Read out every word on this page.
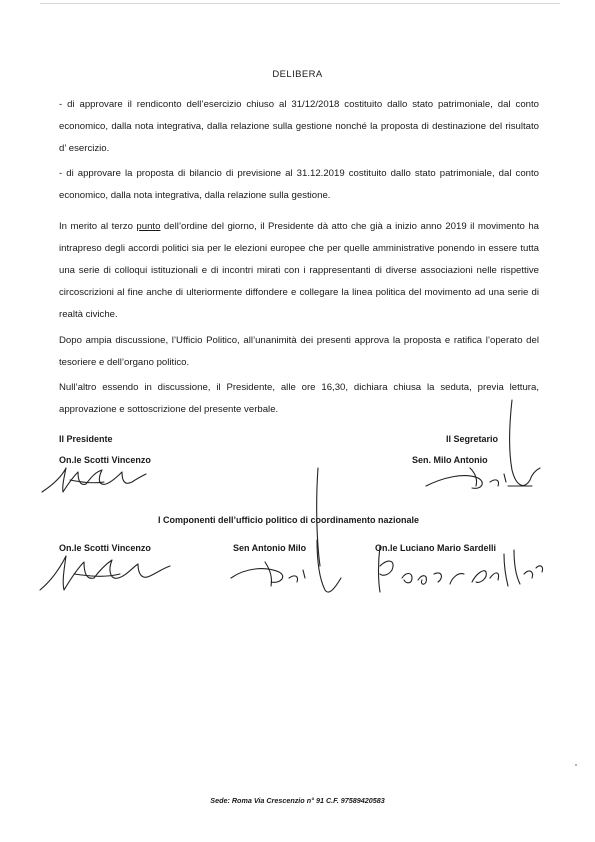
DELIBERA
- di approvare il rendiconto dell’esercizio chiuso al 31/12/2018 costituito dallo stato patrimoniale, dal conto economico, dalla nota integrativa, dalla relazione sulla gestione nonché la proposta di destinazione del risultato d’ esercizio.
- di approvare la proposta di bilancio di previsione al 31.12.2019 costituito dallo stato patrimoniale, dal conto economico, dalla nota integrativa, dalla relazione sulla gestione.
In merito al terzo punto dell’ordine del giorno, il Presidente dà atto che già a inizio anno 2019 il movimento ha intrapreso degli accordi politici sia per le elezioni europee che per quelle amministrative ponendo in essere tutta una serie di colloqui istituzionali e di incontri mirati con i rappresentanti di diverse associazioni nelle rispettive circoscrizioni al fine anche di ulteriormente diffondere e collegare la linea politica del movimento ad una serie di realtà civiche.
Dopo ampia discussione, l’Ufficio Politico, all’unanimità dei presenti approva la proposta e ratifica l’operato del tesoriere e dell’organo politico.
Null’altro essendo in discussione, il Presidente, alle ore 16,30, dichiara chiusa la seduta, previa lettura, approvazione e sottoscrizione del presente verbale.
Il Presidente
On.le Scotti Vincenzo
Il Segretario
Sen. Milo Antonio
I Componenti dell’ufficio politico di coordinamento nazionale
On.le Scotti Vincenzo	Sen Antonio Milo	On.le Luciano Mario Sardelli
Sede: Roma Via Crescenzio n° 91 C.F. 97589420583
